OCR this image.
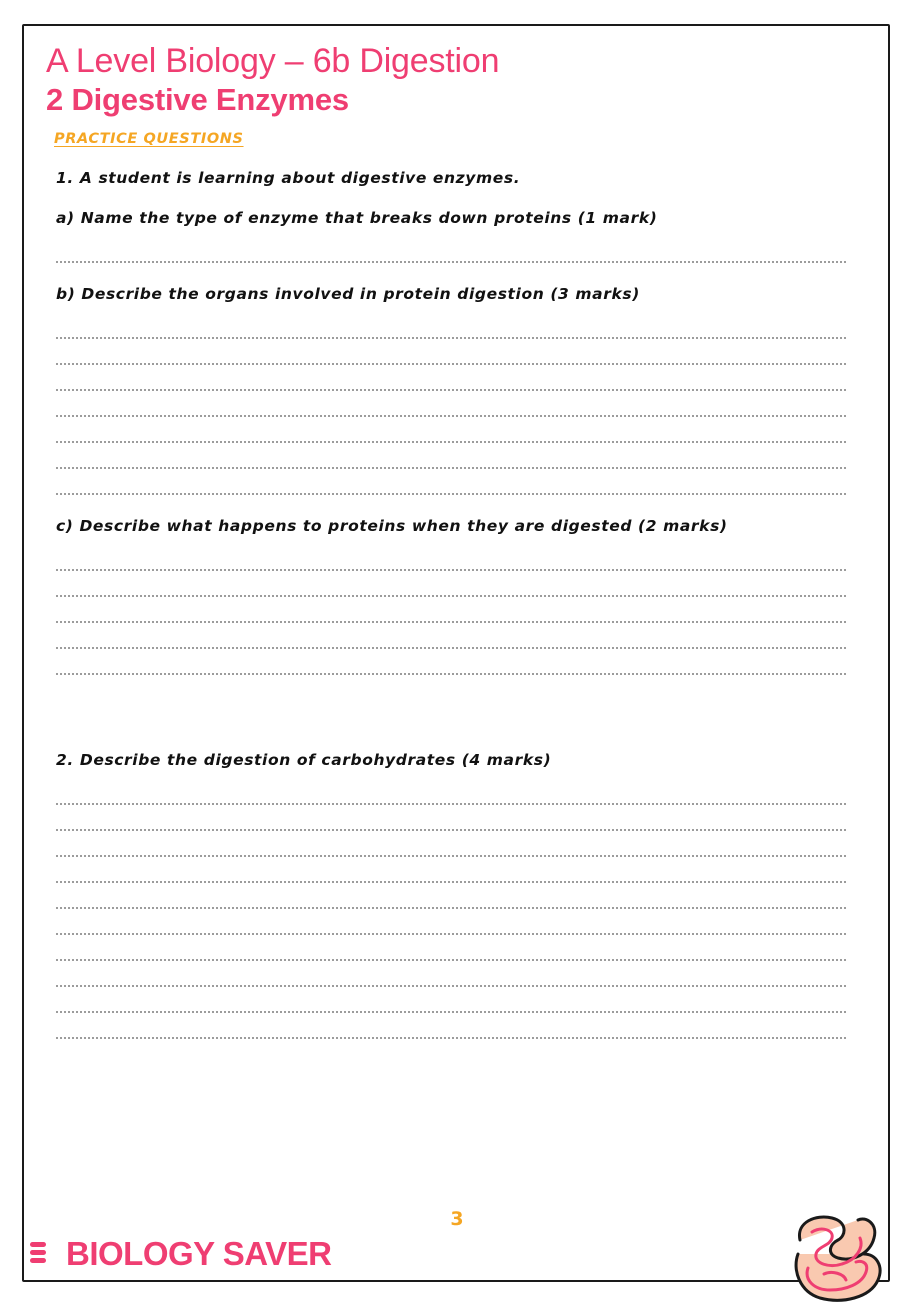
A Level Biology – 6b Digestion
2 Digestive Enzymes
PRACTICE QUESTIONS
1. A student is learning about digestive enzymes.
a) Name the type of enzyme that breaks down proteins (1 mark)
b) Describe the organs involved in protein digestion (3 marks)
c) Describe what happens to proteins when they are digested (2 marks)
2. Describe the digestion of carbohydrates (4 marks)
3
BIOLOGY SAVER
